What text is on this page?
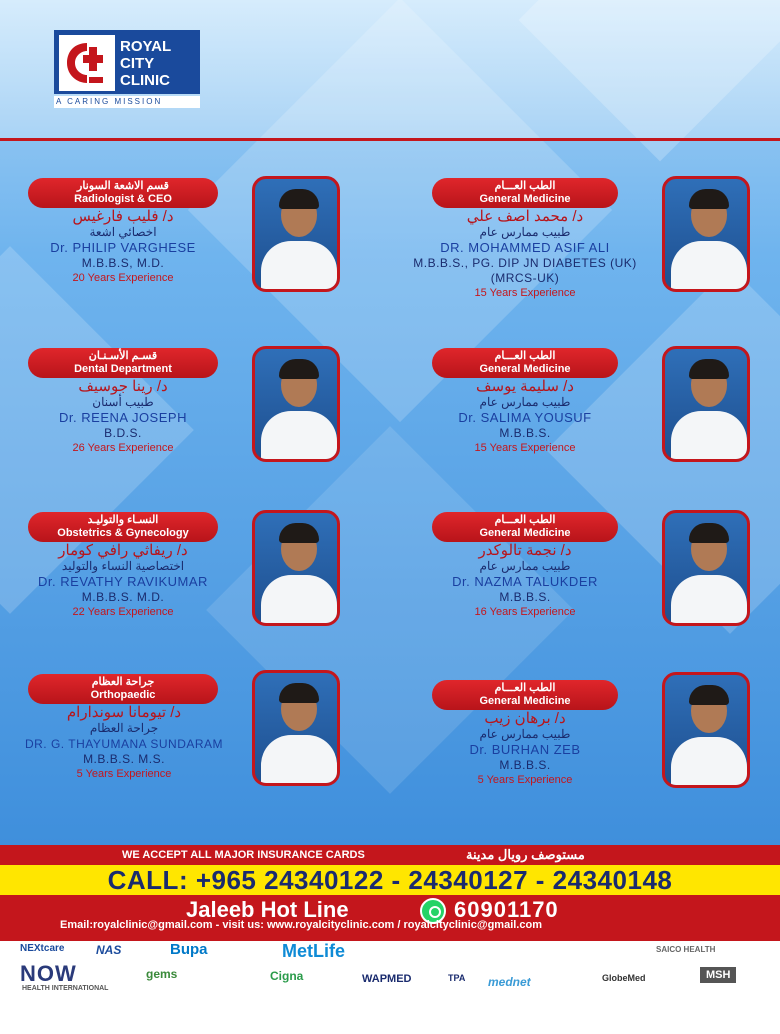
ROYAL
CITY
CLINIC
A CARING MISSION
قسم الاشعة السونار
Radiologist & CEO
د/ فليب فارغيس
اخصائي اشعة
Dr. PHILIP VARGHESE
M.B.B.S, M.D.
20 Years Experience
الطب العـــام
General Medicine
د/ محمد اصف علي
طبيب ممارس عام
DR. MOHAMMED ASIF ALI
M.B.B.S., PG. DIP JN DIABETES (UK)
(MRCS-UK)
15 Years Experience
قسـم الأسـنـان
Dental Department
د/ رينا جوسيف
طبيب أسنان
Dr. REENA JOSEPH
B.D.S.
26 Years Experience
الطب العـــام
General Medicine
د/ سليمة يوسف
طبيب ممارس عام
Dr. SALIMA YOUSUF
M.B.B.S.
15 Years Experience
النسـاء والتوليـد
Obstetrics & Gynecology
د/ ريفاثي رافي كومار
اختصاصية النساء والتوليد
Dr. REVATHY RAVIKUMAR
M.B.B.S. M.D.
22 Years Experience
الطب العـــام
General Medicine
د/ نجمة تالوكدر
طبيب ممارس عام
Dr. NAZMA TALUKDER
M.B.B.S.
16 Years Experience
جراحة العظام
Orthopaedic
د/ تيومانا سوندارام
جراحة العظام
DR. G. THAYUMANA SUNDARAM
M.B.B.S. M.S.
5 Years Experience
الطب العـــام
General Medicine
د/ برهان زيب
طبيب ممارس عام
Dr. BURHAN ZEB
M.B.B.S.
5 Years Experience
WE ACCEPT ALL MAJOR INSURANCE CARDS	مستوصف رويال مدينة
CALL: +965 24340122 - 24340127 - 24340148
Jaleeb Hot Line	60901170
Email:royalclinic@gmail.com - visit us: www.royalcityclinic.com / royalcityclinic@gmail.com
NEXtcare	NAS	Bupa	MetLife	SAICO HEALTH
NOW
HEALTH INTERNATIONAL
gems	Cigna	WAPMED	TPA mednet	GlobeMed	MSH
